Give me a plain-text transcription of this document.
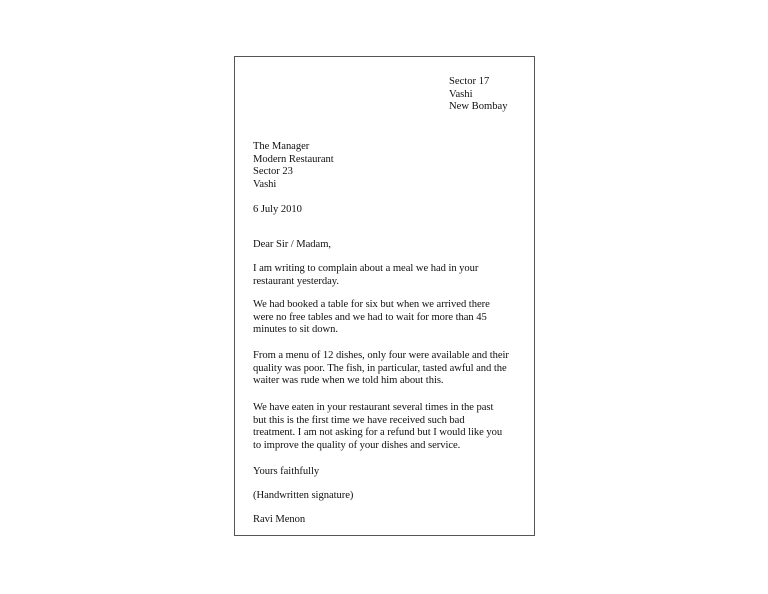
Sector 17
Vashi
New Bombay
The Manager
Modern Restaurant
Sector 23
Vashi
6 July 2010
Dear Sir / Madam,
I am writing to complain about a meal we had in your
restaurant yesterday.
We had booked a table for six but when we arrived there
were no free tables and we had to wait for more than 45
minutes to sit down.
From a menu of 12 dishes, only four were available and their
quality was poor. The fish, in particular, tasted awful and the
waiter was rude when we told him about this.
We have eaten in your restaurant several times in the past
but this is the first time we have received such bad
treatment. I am not asking for a refund but I would like you
to improve the quality of your dishes and service.
Yours faithfully
(Handwritten signature)
Ravi Menon
